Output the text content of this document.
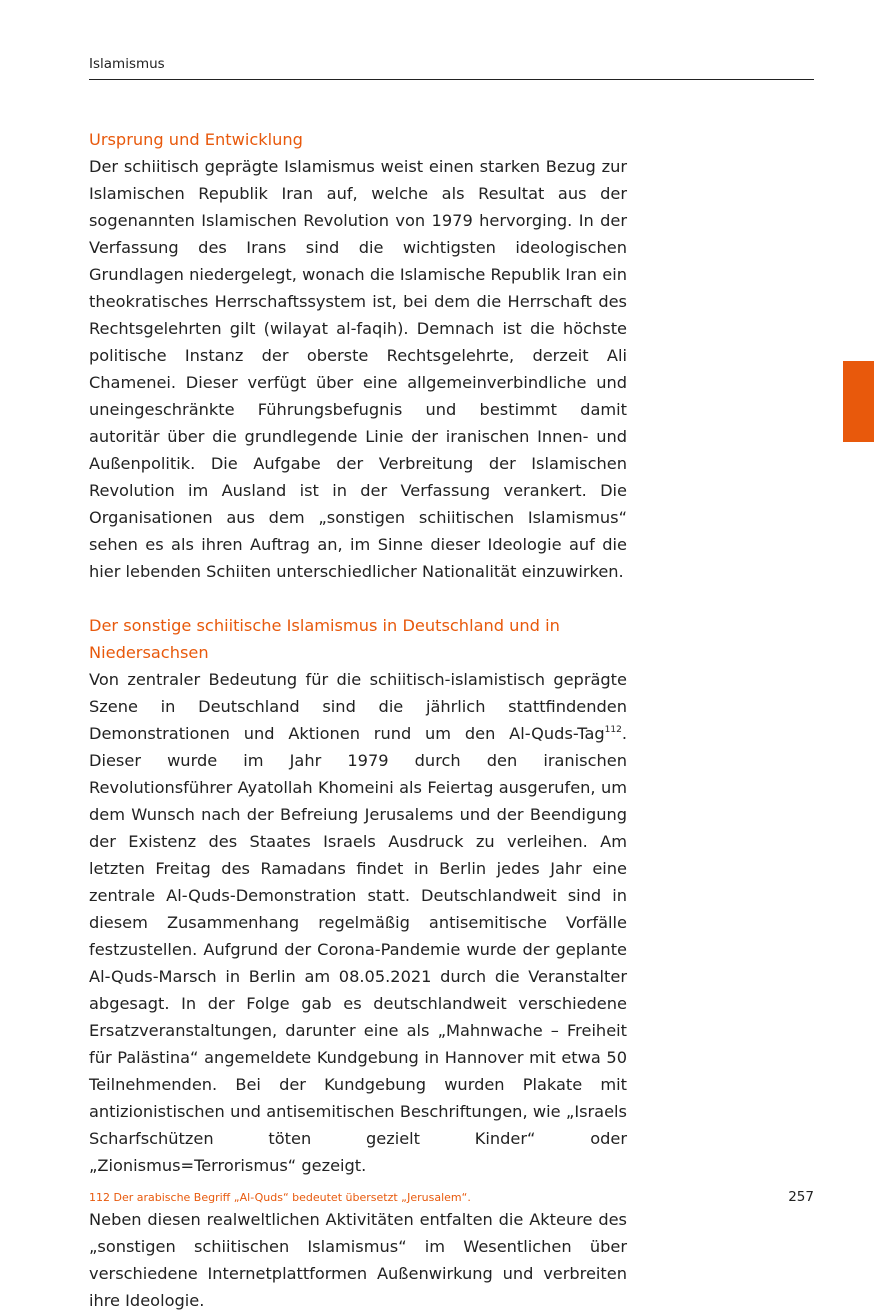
Islamismus
Ursprung und Entwicklung

Der schiitisch geprägte Islamismus weist einen starken Bezug zur Islamischen Republik Iran auf, welche als Resultat aus der sogenannten Islamischen Revolution von 1979 hervorging. In der Verfassung des Irans sind die wichtigsten ideologischen Grundlagen niedergelegt, wonach die Islamische Republik Iran ein theokratisches Herrschaftssystem ist, bei dem die Herrschaft des Rechtsgelehrten gilt (wilayat al-faqih). Demnach ist die höchste politische Instanz der oberste Rechtsgelehrte, derzeit Ali Chamenei. Dieser verfügt über eine allgemeinverbindliche und uneingeschränkte Führungsbefugnis und bestimmt damit autoritär über die grundlegende Linie der iranischen Innen- und Außenpolitik. Die Aufgabe der Verbreitung der Islamischen Revolution im Ausland ist in der Verfassung verankert. Die Organisationen aus dem „sonstigen schiitischen Islamismus“ sehen es als ihren Auftrag an, im Sinne dieser Ideologie auf die hier lebenden Schiiten unterschiedlicher Nationalität einzuwirken.

Der sonstige schiitische Islamismus in Deutschland und in Niedersachsen

Von zentraler Bedeutung für die schiitisch-islamistisch geprägte Szene in Deutschland sind die jährlich stattfindenden Demonstrationen und Aktionen rund um den Al-Quds-Tag$^{112}$. Dieser wurde im Jahr 1979 durch den iranischen Revolutionsführer Ayatollah Khomeini als Feiertag ausgerufen, um dem Wunsch nach der Befreiung Jerusalems und der Beendigung der Existenz des Staates Israels Ausdruck zu verleihen. Am letzten Freitag des Ramadans findet in Berlin jedes Jahr eine zentrale Al-Quds-Demonstration statt. Deutschlandweit sind in diesem Zusammenhang regelmäßig antisemitische Vorfälle festzustellen. Aufgrund der Corona-Pandemie wurde der geplante Al-Quds-Marsch in Berlin am 08.05.2021 durch die Veranstalter abgesagt. In der Folge gab es deutschlandweit verschiedene Ersatzveranstaltungen, darunter eine als „Mahnwache – Freiheit für Palästina“ angemeldete Kundgebung in Hannover mit etwa 50 Teilnehmenden. Bei der Kundgebung wurden Plakate mit antizionistischen und antisemitischen Beschriftungen, wie „Israels Scharfschützen töten gezielt Kinder“ oder „Zionismus=Terrorismus“ gezeigt.

Neben diesen realweltlichen Aktivitäten entfalten die Akteure des „sonstigen schiitischen Islamismus“ im Wesentlichen über verschiedene Internetplattformen Außenwirkung und verbreiten ihre Ideologie.

112 Der arabische Begriff „Al-Quds“ bedeutet übersetzt „Jerusalem“.	257
